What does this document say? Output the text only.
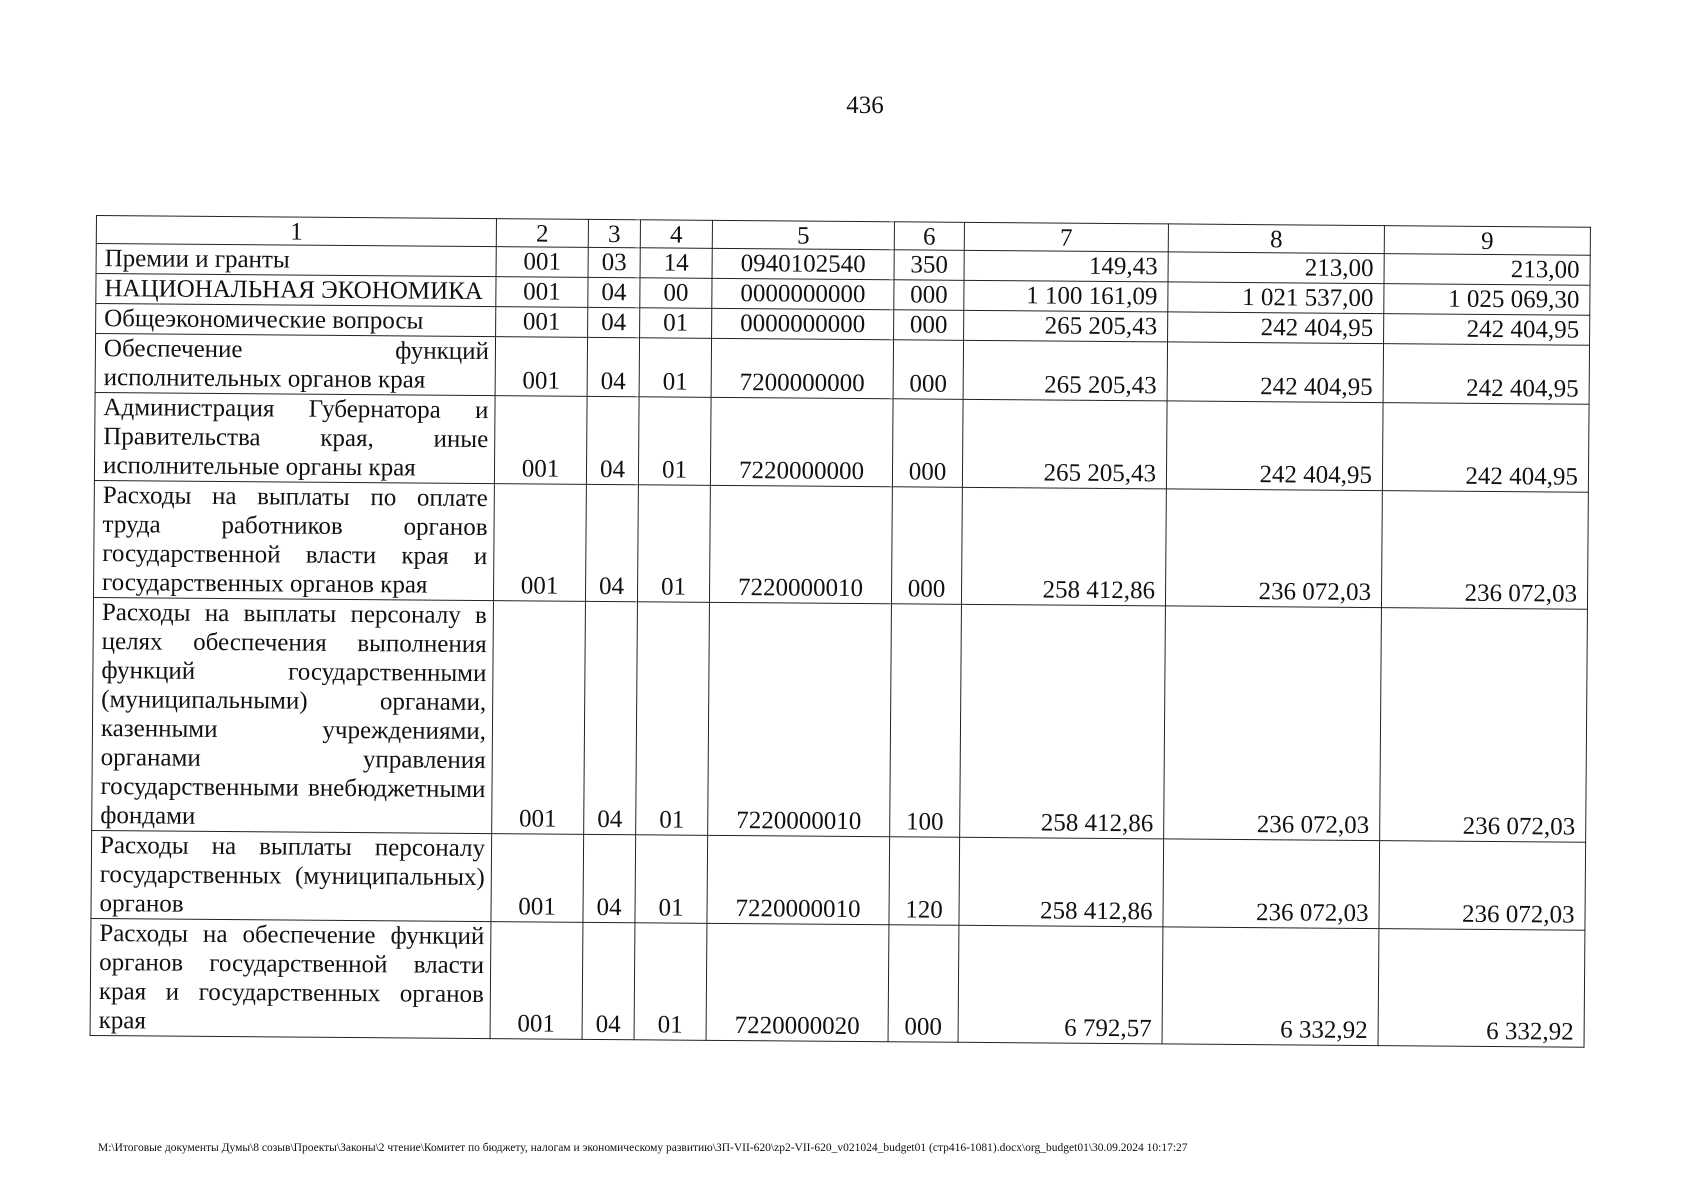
436
1	2	3	4	5	6	7	8	9
Премии и гранты	001	03	14	0940102540	350	149,43	213,00	213,00
НАЦИОНАЛЬНАЯ ЭКОНОМИКА	001	04	00	0000000000	000	1 100 161,09	1 021 537,00	1 025 069,30
Общеэкономические вопросы	001	04	01	0000000000	000	265 205,43	242 404,95	242 404,95
Обеспечение функций исполнительных органов края	001	04	01	7200000000	000	265 205,43	242 404,95	242 404,95
Администрация Губернатора и Правительства края, иные исполнительные органы края	001	04	01	7220000000	000	265 205,43	242 404,95	242 404,95
Расходы на выплаты по оплате труда работников органов государственной власти края и государственных органов края	001	04	01	7220000010	000	258 412,86	236 072,03	236 072,03
Расходы на выплаты персоналу в целях обеспечения выполнения функций государственными (муниципальными) органами, казенными учреждениями, органами управления государственными внебюджетными фондами	001	04	01	7220000010	100	258 412,86	236 072,03	236 072,03
Расходы на выплаты персоналу государственных (муниципальных) органов	001	04	01	7220000010	120	258 412,86	236 072,03	236 072,03
Расходы на обеспечение функций органов государственной власти края и государственных органов края	001	04	01	7220000020	000	6 792,57	6 332,92	6 332,92
М:\Итоговые документы Думы\8 созыв\Проекты\Законы\2 чтение\Комитет по бюджету, налогам и экономическому развитию\ЗП-VII-620\zp2-VII-620_v021024_budget01 (стр416-1081).docx\org_budget01\30.09.2024 10:17:27
